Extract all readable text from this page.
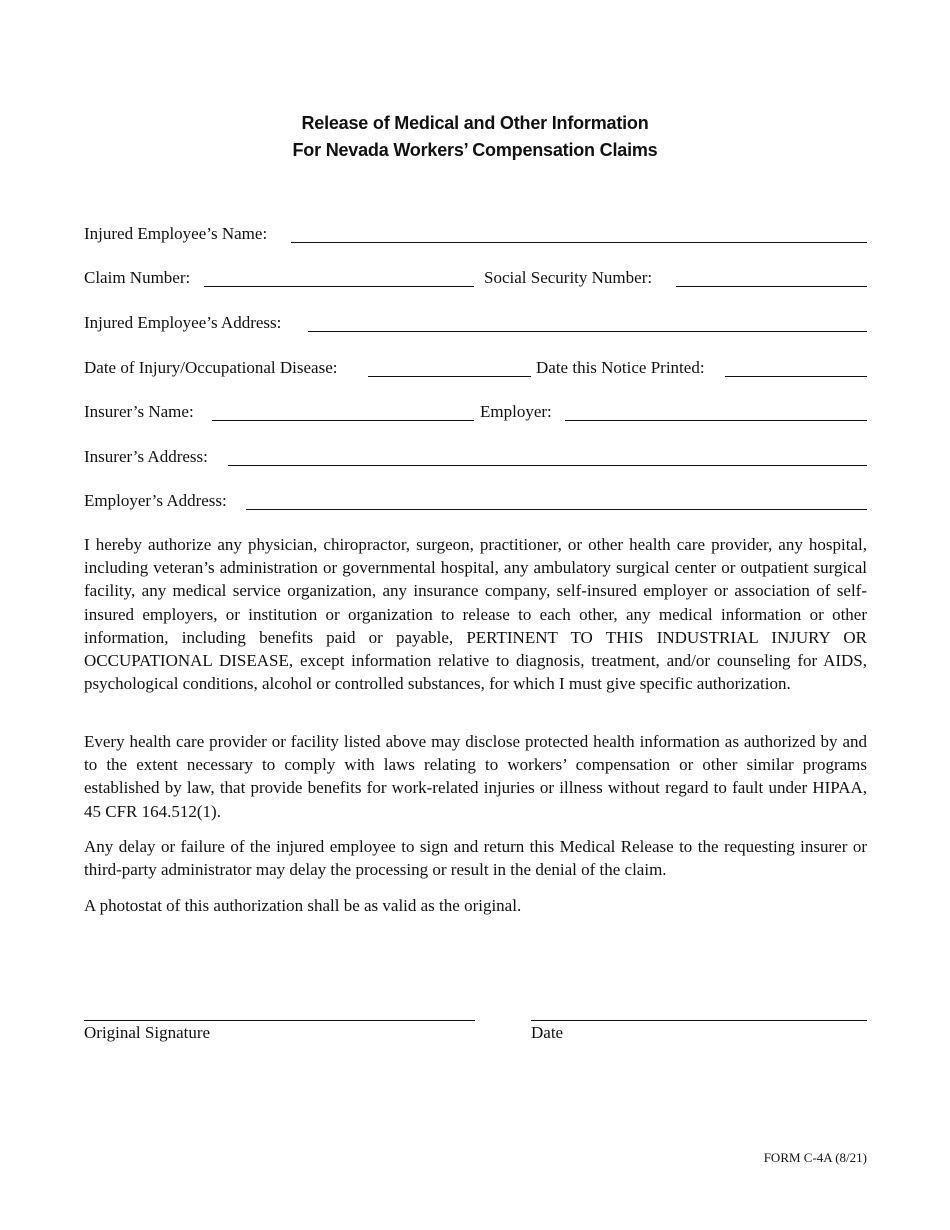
Release of Medical and Other Information
For Nevada Workers’ Compensation Claims
Injured Employee’s Name:
Claim Number:	Social Security Number:
Injured Employee’s Address:
Date of Injury/Occupational Disease:	Date this Notice Printed:
Insurer’s Name:	Employer:
Insurer’s Address:
Employer’s Address:

I hereby authorize any physician, chiropractor, surgeon, practitioner, or other health care provider, any hospital, including veteran’s administration or governmental hospital, any ambulatory surgical center or outpatient surgical facility, any medical service organization, any insurance company, self-insured employer or association of self-insured employers, or institution or organization to release to each other, any medical information or other information, including benefits paid or payable, PERTINENT TO THIS INDUSTRIAL INJURY OR OCCUPATIONAL DISEASE, except information relative to diagnosis, treatment, and/or counseling for AIDS, psychological conditions, alcohol or controlled substances, for which I must give specific authorization.

Every health care provider or facility listed above may disclose protected health information as authorized by and to the extent necessary to comply with laws relating to workers’ compensation or other similar programs established by law, that provide benefits for work-related injuries or illness without regard to fault under HIPAA, 45 CFR 164.512(1).

Any delay or failure of the injured employee to sign and return this Medical Release to the requesting insurer or third-party administrator may delay the processing or result in the denial of the claim.

A photostat of this authorization shall be as valid as the original.

Original Signature	Date
FORM C-4A (8/21)
